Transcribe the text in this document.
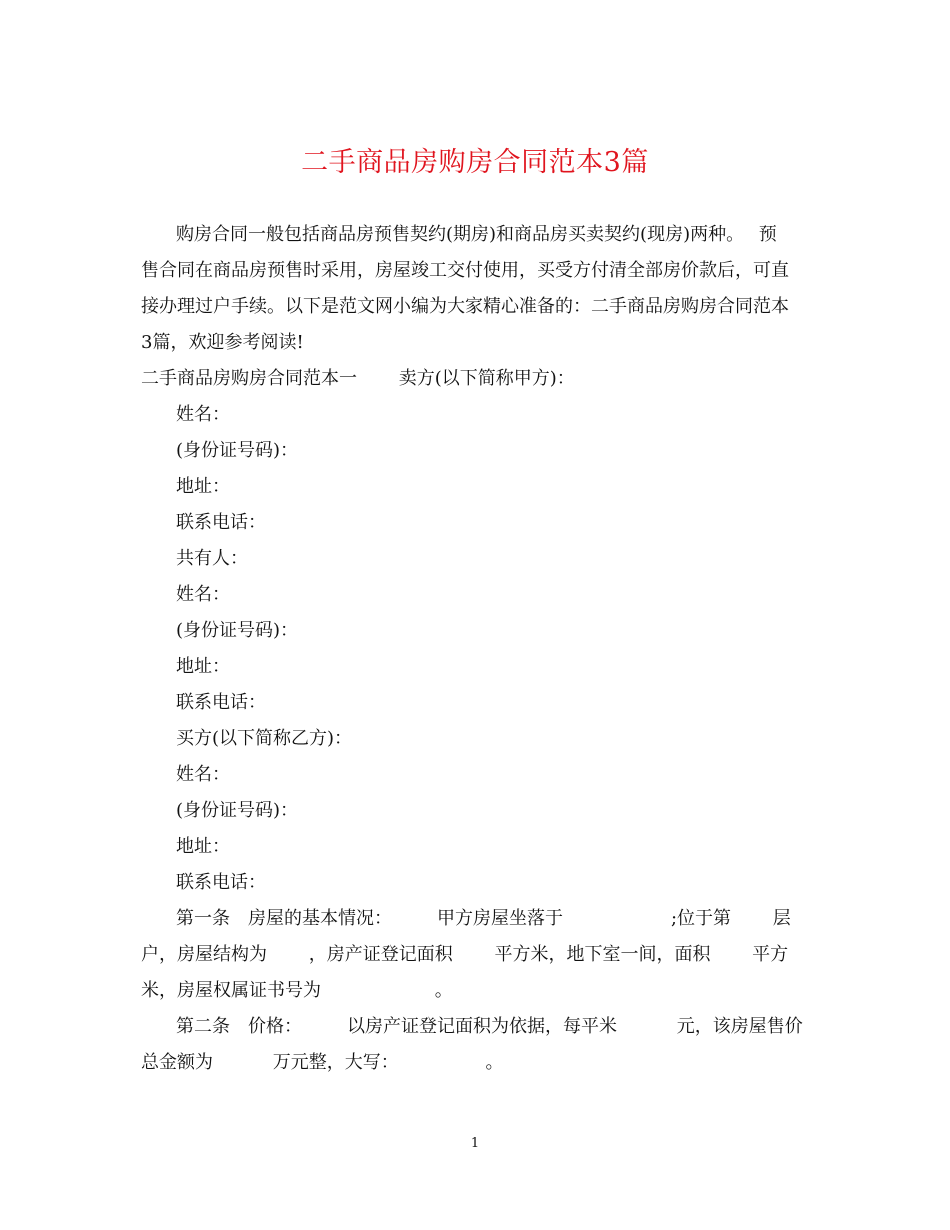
二手商品房购房合同范本3篇
购房合同一般包括商品房预售契约(期房)和商品房买卖契约(现房)两种。　 预
售合同在商品房预售时采用，房屋竣工交付使用，买受方付清全部房价款后，可直
接办理过户手续。以下是范文网小编为大家精心准备的：二手商品房购房合同范本
3篇，欢迎参考阅读!
二手商品房购房合同范本一　　 卖方(以下简称甲方)：
姓名：
(身份证号码)：
地址：
联系电话：
共有人：
姓名：
(身份证号码)：
地址：
联系电话：
买方(以下简称乙方)：
姓名：
(身份证号码)：
地址：
联系电话：
第一条　房屋的基本情况：　　　甲方房屋坐落于　　　　　　;位于第　　 层
户，房屋结构为　　 ，房产证登记面积　　 平方米，地下室一间，面积　　 平方
米，房屋权属证书号为　　　　　　 。
第二条　价格：　　　以房产证登记面积为依据，每平米　　　 元，该房屋售价
总金额为　　　 万元整，大写：　　　　　 。
1
